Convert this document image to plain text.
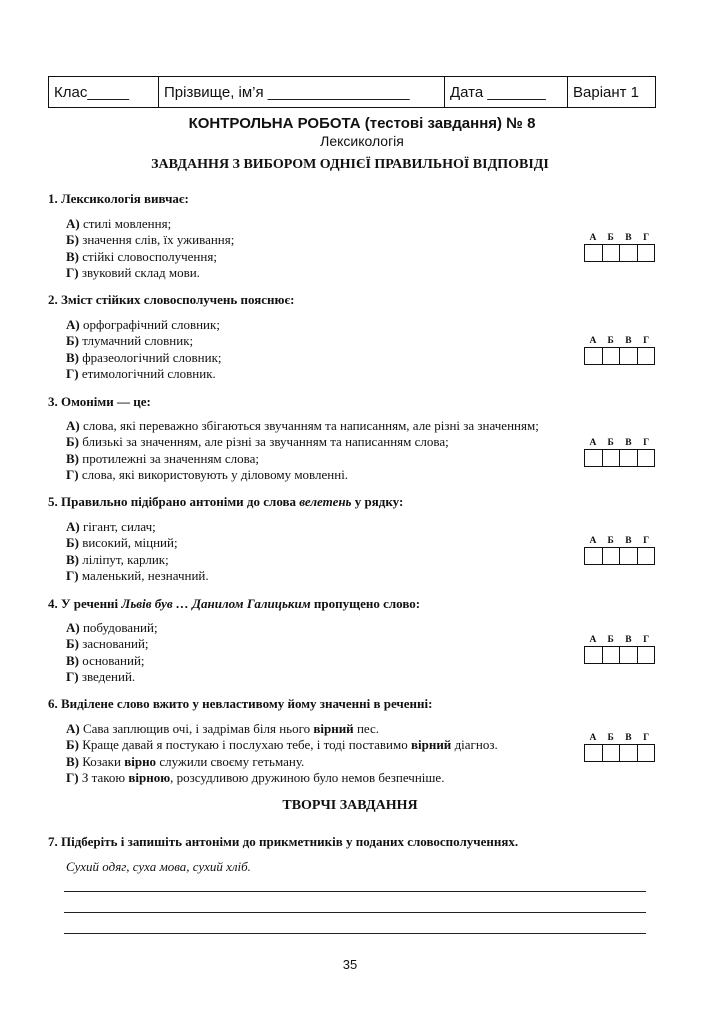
Клас_____	Прізвище, ім’я _________________	Дата _______	Варіант 1
КОНТРОЛЬНА РОБОТА (тестові завдання) № 8
Лексикологія
ЗАВДАННЯ З ВИБОРОМ ОДНІЄЇ ПРАВИЛЬНОЇ ВІДПОВІДІ
1. Лексикологія вивчає:
А) стилі мовлення;
Б) значення слів, їх уживання;
В) стійкі словосполучення;
Г) звуковий склад мови.
А	Б	В	Г
2. Зміст стійких словосполучень пояснює:
А) орфографічний словник;
Б) тлумачний словник;
В) фразеологічний словник;
Г) етимологічний словник.
А	Б	В	Г
3. Омоніми — це:
А) слова, які переважно збігаються звучанням та написанням, але різні за значенням;
Б) близькі за значенням, але різні за звучанням та написанням слова;
В) протилежні за значенням слова;
Г) слова, які використовують у діловому мовленні.
А	Б	В	Г
5. Правильно підібрано антоніми до слова велетень у рядку:
А) гігант, силач;
Б) високий, міцний;
В) ліліпут, карлик;
Г) маленький, незначний.
А	Б	В	Г
4. У реченні Львів був … Данилом Галицьким пропущено слово:
А) побудований;
Б) заснований;
В) оснований;
Г) зведений.
А	Б	В	Г
6. Виділене слово вжито у невластивому йому значенні в реченні:
А) Сава заплющив очі, і задрімав біля нього вірний пес.
Б) Краще давай я постукаю і послухаю тебе, і тоді поставимо вірний діагноз.
В) Козаки вірно служили своєму гетьману.
Г) З такою вірною, розсудливою дружиною було немов безпечніше.
А	Б	В	Г
ТВОРЧІ ЗАВДАННЯ
7. Підберіть і запишіть антоніми до прикметників у поданих словосполученнях.
Сухий одяг, суха мова, сухий хліб.
35
